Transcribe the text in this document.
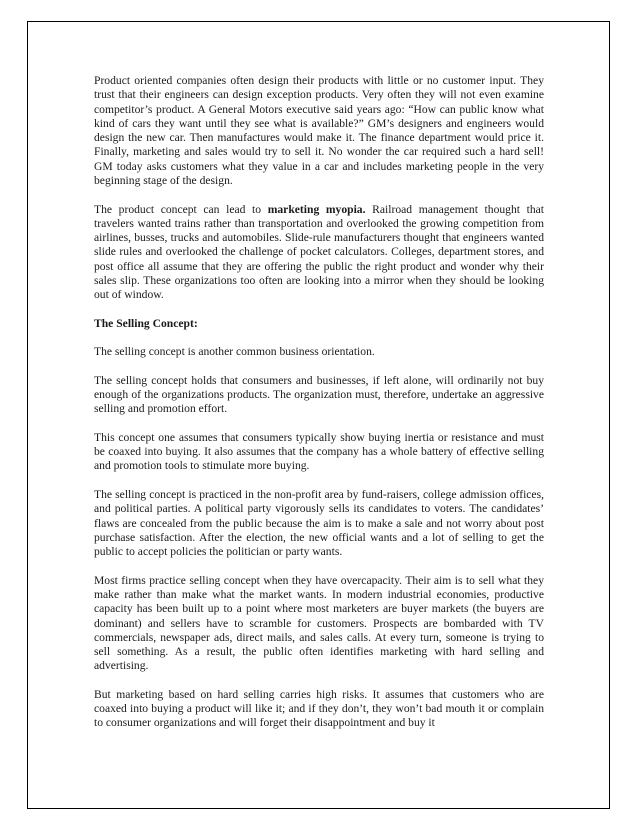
Product oriented companies often design their products with little or no customer input. They trust that their engineers can design exception products. Very often they will not even examine competitor’s product. A General Motors executive said years ago: “How can public know what kind of cars they want until they see what is available?” GM’s designers and engineers would design the new car. Then manufactures would make it. The finance department would price it. Finally, marketing and sales would try to sell it. No wonder the car required such a hard sell! GM today asks customers what they value in a car and includes marketing people in the very beginning stage of the design.

The product concept can lead to marketing myopia. Railroad management thought that travelers wanted trains rather than transportation and overlooked the growing competition from airlines, busses, trucks and automobiles. Slide-rule manufacturers thought that engineers wanted slide rules and overlooked the challenge of pocket calculators. Colleges, department stores, and post office all assume that they are offering the public the right product and wonder why their sales slip. These organizations too often are looking into a mirror when they should be looking out of window.

The Selling Concept:

The selling concept is another common business orientation.

The selling concept holds that consumers and businesses, if left alone, will ordinarily not buy enough of the organizations products. The organization must, therefore, undertake an aggressive selling and promotion effort.

This concept one assumes that consumers typically show buying inertia or resistance and must be coaxed into buying. It also assumes that the company has a whole battery of effective selling and promotion tools to stimulate more buying.

The selling concept is practiced in the non-profit area by fund-raisers, college admission offices, and political parties. A political party vigorously sells its candidates to voters. The candidates’ flaws are concealed from the public because the aim is to make a sale and not worry about post purchase satisfaction. After the election, the new official wants and a lot of selling to get the public to accept policies the politician or party wants.

Most firms practice selling concept when they have overcapacity. Their aim is to sell what they make rather than make what the market wants. In modern industrial economies, productive capacity has been built up to a point where most marketers are buyer markets (the buyers are dominant) and sellers have to scramble for customers. Prospects are bombarded with TV commercials, newspaper ads, direct mails, and sales calls. At every turn, someone is trying to sell something. As a result, the public often identifies marketing with hard selling and advertising.

But marketing based on hard selling carries high risks. It assumes that customers who are coaxed into buying a product will like it; and if they don’t, they won’t bad mouth it or complain to consumer organizations and will forget their disappointment and buy it
